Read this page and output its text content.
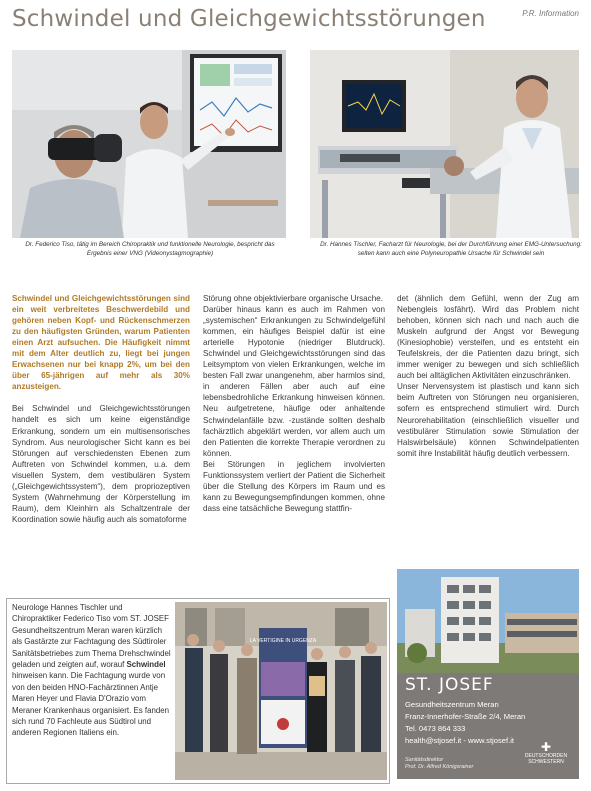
Schwindel und Gleichgewichtsstörungen	P.R. Information
Dr. Federico Tiso, tätig im Bereich Chiropraktik und funktionelle Neurologie, bespricht das Ergebnis einer VNG (Videonystagmographie)
Dr. Hannes Tischler, Facharzt für Neurologie, bei der Durchführung einer EMG-Untersuchung: selten kann auch eine Polyneuropathie Ursache für Schwindel sein

Schwindel und Gleichgewichtsstörungen sind ein weit verbreitetes Beschwerdebild und gehören neben Kopf- und Rückenschmerzen zu den häufigsten Gründen, warum Patienten einen Arzt aufsuchen. Die Häufigkeit nimmt mit dem Alter deutlich zu, liegt bei jungen Erwachsenen nur bei knapp 2%, um bei den über 65-jährigen auf mehr als 30% anzusteigen.

Bei Schwindel und Gleichgewichtsstörungen handelt es sich um keine eigenständige Erkrankung, sondern um ein multisensorisches Syndrom. Aus neurologischer Sicht kann es bei Störungen auf verschiedensten Ebenen zum Auftreten von Schwindel kommen, u.a. dem visuellen System, dem vestibulären System („Gleichgewichtssystem“), dem propriozeptiven System (Wahrnehmung der Körperstellung im Raum), dem Kleinhirn als Schaltzentrale der Koordination sowie häufig auch als somatoforme

Störung ohne objektivierbare organische Ursache.

Darüber hinaus kann es auch im Rahmen von „systemischen“ Erkrankungen zu Schwindelgefühl kommen, ein häufiges Beispiel dafür ist eine arterielle Hypotonie (niedriger Blutdruck). Schwindel und Gleichgewichtsstörungen sind das Leitsymptom von vielen Erkrankungen, welche im besten Fall zwar unangenehm, aber harmlos sind, in anderen Fällen aber auch auf eine lebensbedrohliche Erkrankung hinweisen können. Neu aufgetretene, häufige oder anhaltende Schwindelanfälle bzw. -zustände sollten deshalb fachärztlich abgeklärt werden, vor allem auch um den Patienten die korrekte Therapie verordnen zu können.

Bei Störungen in jeglichem involvierten Funktionssystem verliert der Patient die Sicherheit über die Stellung des Körpers im Raum und es kann zu Bewegungsempfindungen kommen, ohne dass eine tatsächliche Bewegung stattfin-

det (ähnlich dem Gefühl, wenn der Zug am Nebengleis losfährt). Wird das Problem nicht behoben, können sich nach und nach auch die Muskeln aufgrund der Angst vor Bewegung (Kinesiophobie) versteifen, und es entsteht ein Teufelskreis, der die Patienten dazu bringt, sich immer weniger zu bewegen und sich schließlich auch bei alltäglichen Aktivitäten einzuschränken.

Unser Nervensystem ist plastisch und kann sich beim Auftreten von Störungen neu organisieren, sofern es entsprechend stimuliert wird. Durch Neurorehabilitation (einschließlich visueller und vestibulärer Stimulation sowie Stimulation der Halswirbelsäule) können Schwindelpatienten somit ihre Instabilität häufig deutlich verbessern.

Neurologe Hannes Tischler und Chiropraktiker Federico Tiso vom ST. JOSEF Gesundheitszentrum Meran waren kürzlich als Gastärzte zur Fachtagung des Südtiroler Sanitätsbetriebes zum Thema Drehschwindel geladen und zeigten auf, worauf Schwindel hinweisen kann. Die Fachtagung wurde von von den beiden HNO-Fachärztinnen Antje Maren Heyer und Flavia D'Orazio vom Meraner Krankenhaus organisiert. Es fanden sich rund 70 Fachleute aus Südtirol und anderen Regionen Italiens ein.
LA VERTIGINE IN URGENZA
ST. JOSEF
Gesundheitszentrum Meran
Franz-Innerhofer-Straße 2/4, Meran
Tel. 0473 864 333
health@stjosef.it - www.stjosef.it
Sanitätsdirektor
Prof. Dr. Alfred Königsrainer
✚
DEUTSCHORDEN
SCHWESTERN
